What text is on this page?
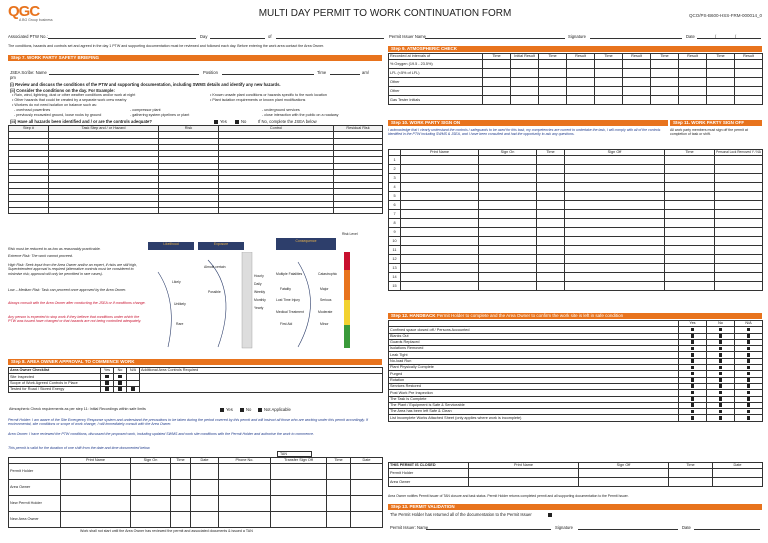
QGC
A BG Group business
MULTI DAY PERMIT TO WORK CONTINUATION FORM	QCO/PS-B600-HSS-FRM-000014_0
Associated PTW No.:	Day	of	Permit Issuer Name	Signature	Date	/	/
The conditions, hazards and controls set and agreed in the day 1 PTW and supporting documentation must be reviewed and followed each day. Before entering the work area contact the Area Owner.
Step 7. WORK PARTY SAFETY BRIEFING
JSEA Scribe: Name	Position	Time	am/
pm
(i) Review and discuss the conditions of the PTW and supporting documentation, including SWMS details and identify any new hazards.
(ii) Consider the conditions on the day. For Example:
• Rain, wind, lightning, dust or other weather conditions and/or work at night	• Known unsafe plant conditions or hazards specific to the work location
• Other hazards that could be created by a separate work crew nearby	• Plant isolation requirements or known plant modifications
• Workers do not need isolation on balance such as:
- overhead powerlines	- compressor plant	- underground services
- previously excavated ground, loose rocks by ground	- gathering system pipelines or plant	- close interaction with the public on a roadway
(iii) Have all hazards been identified and / or are the controls adequate?	Yes	No	If No, complete the JSEA below
Step #	Task Step and / or Hazard	Risk	Control	Residual Risk

Risk must be reduced to as low as reasonably practicable.
Extreme Risk: The work cannot proceed.
High Risk: Seek input from the Area Owner and/or an expert, if risks are still high, Superintendent approval is required (alternative controls must be considered to minimise risk; approval will only be permitted in rare cases).
Low – Medium Risk: Task can proceed once approved by the Area Owner.
Always consult with the Area Owner after conducting the JSEA or if conditions change.
Any person is expected to stop work if they believe that conditions under which the PTW was issued have changed or that hazards are not being controlled adequately.
Likelihood	Exposure
Consequence
Risk Level
Almost certain
Likely
Possible
Unlikely
Rare
Hourly
Daily
Weekly
Monthly
Yearly
Multiple Fatalities
Fatality
Lost Time Injury
Medical Treatment
First Aid
Catastrophic
Major
Serious
Moderate
Minor
Step 8. AREA OWNER APPROVAL TO COMMENCE WORK
Area Owner Checklist	Yes	No	N/A	Additional Area Controls Required
Site Inspected				
Scope of Work Agreed Controls in Place				
Tested for Road / Stored Energy				
Atmospheric Check requirements as per step 11: Initial Recordings within safe limits	Yes	No	Not Applicable
Permit Holder: I am aware of the Site Emergency Response system and understand the precautions to be taken during the period covered by this permit and will instruct all those who are working under this permit accordingly. If environmental, site conditions or scope of work change, I will immediately consult with the Area Owner.
Area Owner: I have reviewed the PTW conditions, discussed the proposed work, including updated SWMS and work site conditions with the Permit Holder and authorise the work to commence.
This permit is valid for the duration of one shift from the date and time documented below.
TAN
	Print Name	Sign On	Time	Date	Phone No.	Transfer Sign Off	Time	Date
Permit Holder								
Area Owner								
New Permit Holder								
New Area Owner								
Work shall not start until the Area Owner has reviewed the permit and associated documents & issued a TAN
Step 9. ATMOSPHERIC CHECK
Recorded at intervals of	Time	Initial Result	Time	Result	Time	Result	Time	Result	Time	Result
% Oxygen (19.5 - 23.5%)										
LFL (<5% of LFL)										
Other										
Other										
Gas Tester Initials										
Step 10. WORK PARTY SIGN ON	Step 11. WORK PARTY SIGN OFF
I acknowledge that I clearly understand the controls / safeguards to be used for this task, my competencies are current to undertake the task, I will comply with all of the controls identified in the PTW including SWMS & JSEA, and I have been consulted and had the opportunity to ask any questions.
All work party members must sign off the permit at completion of task or shift.
	Print Name	Sign On	Time	Sign Off	Time	Personal Lock Removed Y / NA
1						
2						
3						
4						
5						
6						
7						
8						
9						
10						
11						
12						
13						
14						
15						
Step 12. HANDBACK Permit Holder to complete and the Area Owner to confirm the work site is left in safe condition
	Yes	No	N/A
Confined space closed off / Persons Accounted			
Blanks Out			
Guards Replaced			
Isolations Removed			
Leak Tight			
No-load Run			
Plant Physically Complete			
Purged			
Rotation			
Services Restored			
Post Work Pre Inspection			
The Task is Complete			
The Plant / Equipment is Safe & Serviceable			
The Area has been left Safe & Clean			
List Incomplete Works Attached Sheet (only applies where work is incomplete)			
THIS PERMIT IS CLOSED	Print Name	Sign Off	Time	Date
Permit Holder				
Area Owner				
Area Owner notifies Permit Issuer of TAN closure and task status. Permit Holder returns completed permit and all supporting documentation to the Permit Issuer.
Step 13. PERMIT VALIDATION
The Permit Holder has returned all of the documentation to the Permit Issuer
Permit Issuer: Name	Signature	Date
